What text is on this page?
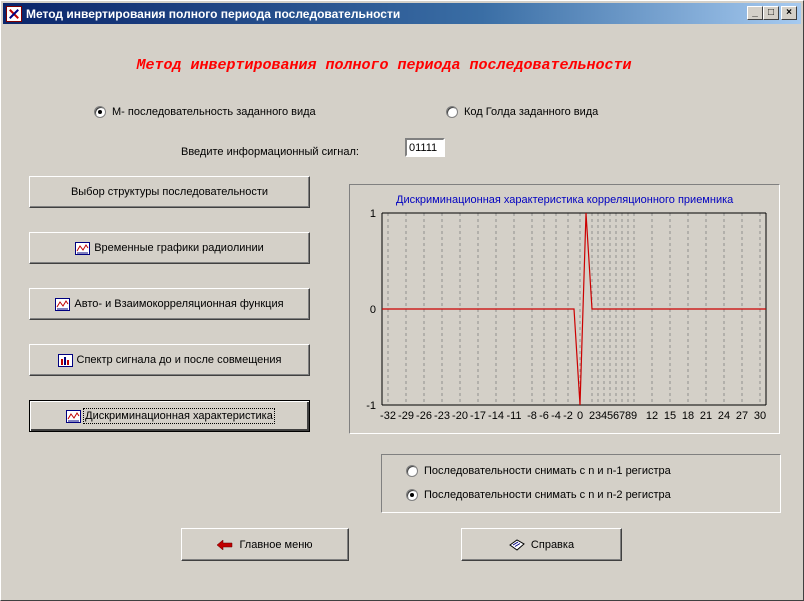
Метод инвертирования полного периода последовательности	_ □ ×
Метод инвертирования полного периода последовательности
М- последовательность заданного вида	Код Голда заданного вида
Введите информационный сигнал:
01111
Выбор структуры последовательности
Временные графики радиолинии
Авто- и Взаимокорреляционная функция
Спектр сигнала до и после совмещения
Дискриминационная характеристика
-1
0
1
-32 -29 -26 -23 -20 -17 -14 -11 -8 -6 -4 -2 0 2 3 4 5 6 7 8 9 12 15 18 21 24 27 30
Дискриминационная характеристика корреляционного приемника
Последовательности снимать с n и n-1 регистра
Последовательности снимать с n и n-2 регистра
Главное меню	Справка
